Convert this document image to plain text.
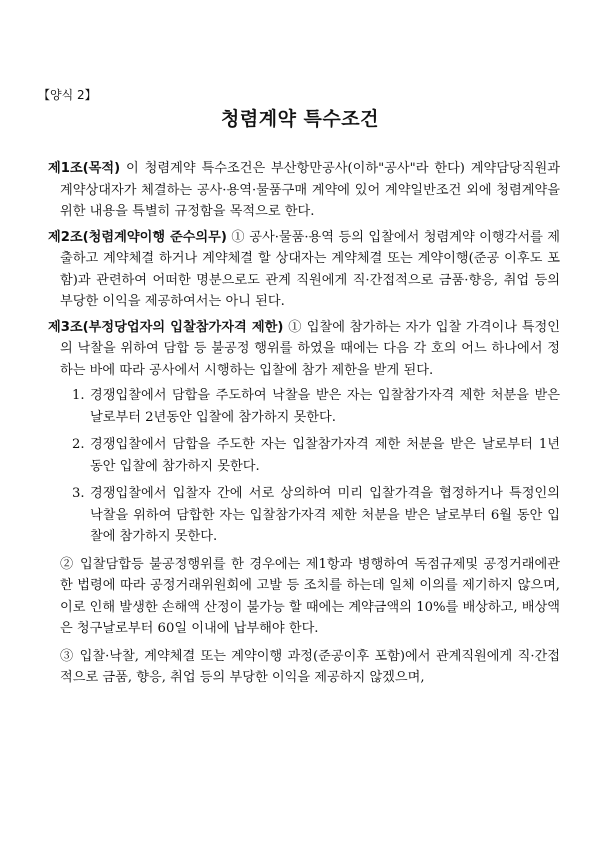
【양식 2】
청렴계약 특수조건
제1조(목적) 이 청렴계약 특수조건은 부산항만공사(이하"공사"라 한다) 계약담당직원과 계약상대자가 체결하는 공사·용역·물품구매 계약에 있어 계약일반조건 외에 청렴계약을 위한 내용을 특별히 규정함을 목적으로 한다.
제2조(청렴계약이행 준수의무) ① 공사·물품·용역 등의 입찰에서 청렴계약 이행각서를 제출하고 계약체결 하거나 계약체결 할 상대자는 계약체결 또는 계약이행(준공 이후도 포함)과 관련하여 어떠한 명분으로도 관계 직원에게 직·간접적으로 금품·향응, 취업 등의 부당한 이익을 제공하여서는 아니 된다.
제3조(부정당업자의 입찰참가자격 제한) ① 입찰에 참가하는 자가 입찰 가격이나 특정인의 낙찰을 위하여 담합 등 불공정 행위를 하였을 때에는 다음 각 호의 어느 하나에서 정하는 바에 따라 공사에서 시행하는 입찰에 참가 제한을 받게 된다.
1. 경쟁입찰에서 담합을 주도하여 낙찰을 받은 자는 입찰참가자격 제한 처분을 받은 날로부터 2년동안 입찰에 참가하지 못한다.
2. 경쟁입찰에서 담합을 주도한 자는 입찰참가자격 제한 처분을 받은 날로부터 1년 동안 입찰에 참가하지 못한다.
3. 경쟁입찰에서 입찰자 간에 서로 상의하여 미리 입찰가격을 협정하거나 특정인의 낙찰을 위하여 담합한 자는 입찰참가자격 제한 처분을 받은 날로부터 6월 동안 입찰에 참가하지 못한다.
② 입찰담합등 불공정행위를 한 경우에는 제1항과 병행하여 독점규제및 공정거래에관한 법령에 따라 공정거래위원회에 고발 등 조치를 하는데 일체 이의를 제기하지 않으며, 이로 인해 발생한 손해액 산정이 불가능 할 때에는 계약금액의 10%를 배상하고, 배상액은 청구날로부터 60일 이내에 납부해야 한다.
③ 입찰·낙찰, 계약체결 또는 계약이행 과정(준공이후 포함)에서 관계직원에게 직·간접적으로 금품, 향응, 취업 등의 부당한 이익을 제공하지 않겠으며,
